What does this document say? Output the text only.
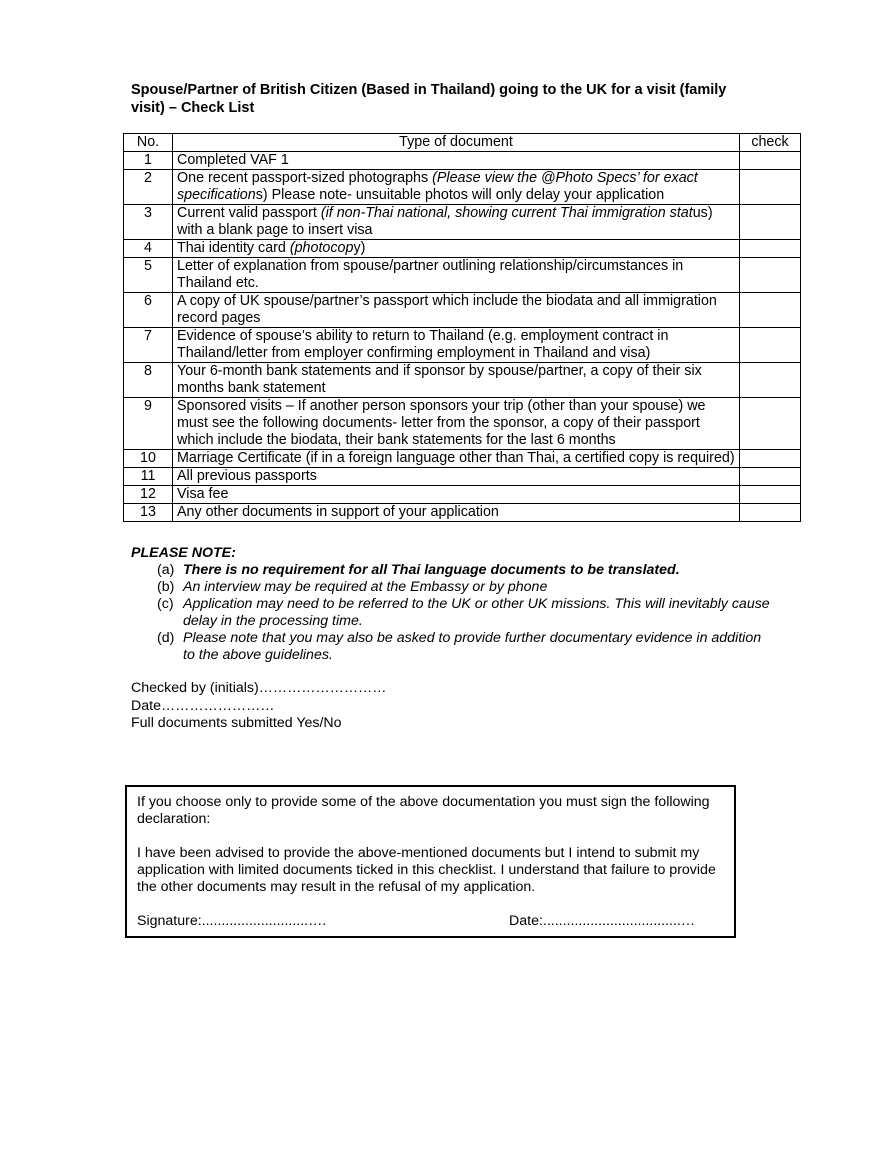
Spouse/Partner of British Citizen (Based in Thailand) going to the UK for a visit (family visit) – Check List
No.	Type of document	check
1	Completed VAF 1	
2	One recent passport-sized photographs (Please view the @Photo Specs’ for exact specifications) Please note- unsuitable photos will only delay your application	
3	Current valid passport (if non-Thai national, showing current Thai immigration status) with a blank page to insert visa	
4	Thai identity card (photocopy)	
5	Letter of explanation from spouse/partner outlining relationship/circumstances in Thailand etc.	
6	A copy of UK spouse/partner’s passport which include the biodata and all immigration record pages	
7	Evidence of spouse’s ability to return to Thailand (e.g. employment contract in Thailand/letter from employer confirming employment in Thailand and visa)	
8	Your 6-month bank statements and if sponsor by spouse/partner, a copy of their six months bank statement	
9	Sponsored visits – If another person sponsors your trip (other than your spouse) we must see the following documents- letter from the sponsor, a copy of their passport which include the biodata, their bank statements for the last 6 months	
10	Marriage Certificate (if in a foreign language other than Thai, a certified copy is required)	
11	All previous passports	
12	Visa fee	
13	Any other documents in support of your application	
PLEASE NOTE:
(a) There is no requirement for all Thai language documents to be translated.
(b) An interview may be required at the Embassy or by phone
(c) Application may need to be referred to the UK or other UK missions. This will inevitably cause delay in the processing time.
(d) Please note that you may also be asked to provide further documentary evidence in addition to the above guidelines.
Checked by (initials)………………………
Date……………………
Full documents submitted Yes/No

If you choose only to provide some of the above documentation you must sign the following declaration:

I have been advised to provide the above-mentioned documents but I intend to submit my application with limited documents ticked in this checklist. I understand that failure to provide the other documents may result in the refusal of my application.

Signature:...........................….	Date:...................................…
